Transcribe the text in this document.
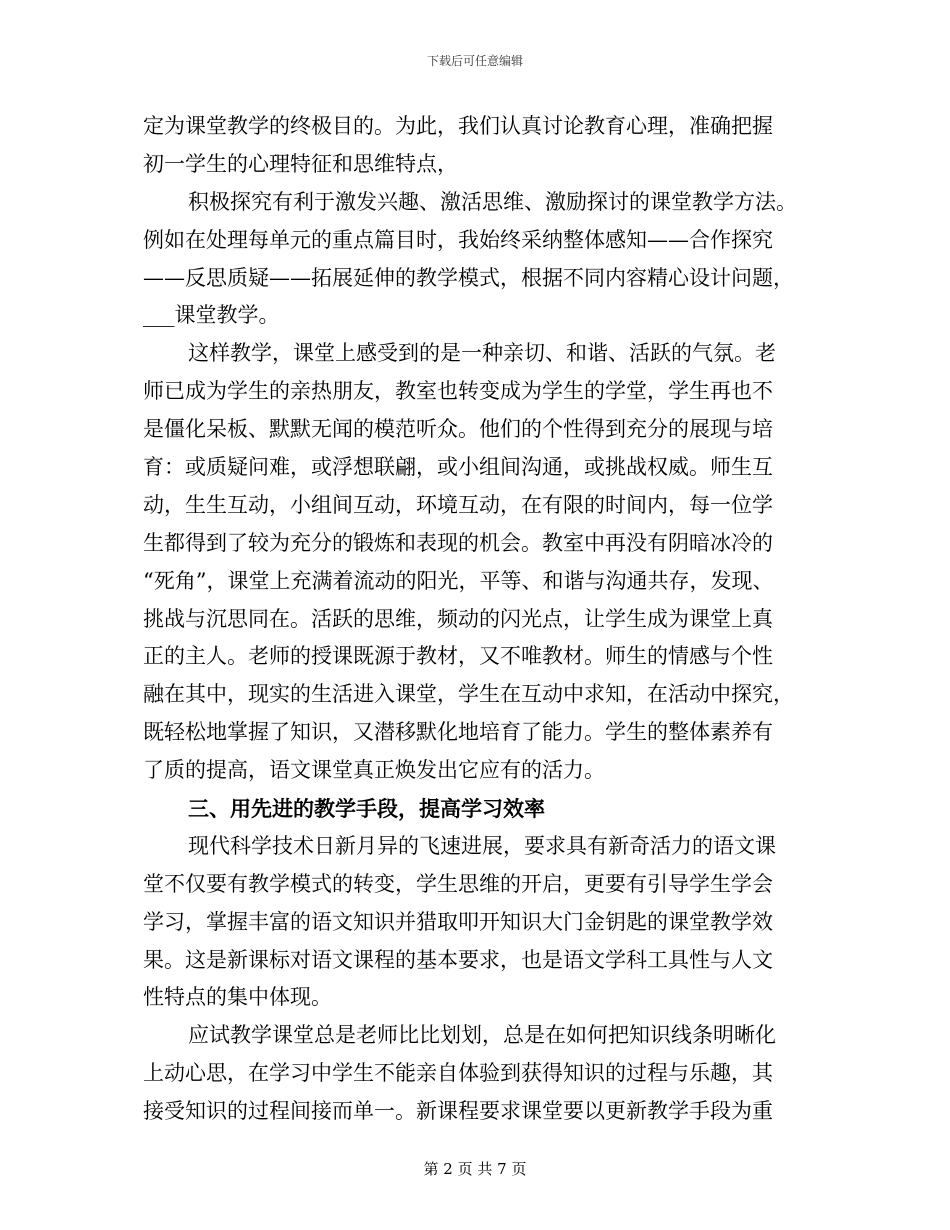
下载后可任意编辑
定为课堂教学的终极目的。为此，我们认真讨论教育心理，准确把握
初一学生的心理特征和思维特点，
积极探究有利于激发兴趣、激活思维、激励探讨的课堂教学方法。
例如在处理每单元的重点篇目时，我始终采纳整体感知——合作探究
——反思质疑——拓展延伸的教学模式，根据不同内容精心设计问题，
___课堂教学。
这样教学，课堂上感受到的是一种亲切、和谐、活跃的气氛。老
师已成为学生的亲热朋友，教室也转变成为学生的学堂，学生再也不
是僵化呆板、默默无闻的模范听众。他们的个性得到充分的展现与培
育：或质疑问难，或浮想联翩，或小组间沟通，或挑战权威。师生互
动，生生互动，小组间互动，环境互动，在有限的时间内，每一位学
生都得到了较为充分的锻炼和表现的机会。教室中再没有阴暗冰冷的
“死角”，课堂上充满着流动的阳光，平等、和谐与沟通共存，发现、
挑战与沉思同在。活跃的思维，频动的闪光点，让学生成为课堂上真
正的主人。老师的授课既源于教材，又不唯教材。师生的情感与个性
融在其中，现实的生活进入课堂，学生在互动中求知，在活动中探究，
既轻松地掌握了知识，又潜移默化地培育了能力。学生的整体素养有
了质的提高，语文课堂真正焕发出它应有的活力。
三、用先进的教学手段，提高学习效率
现代科学技术日新月异的飞速进展，要求具有新奇活力的语文课
堂不仅要有教学模式的转变，学生思维的开启，更要有引导学生学会
学习，掌握丰富的语文知识并猎取叩开知识大门金钥匙的课堂教学效
果。这是新课标对语文课程的基本要求，也是语文学科工具性与人文
性特点的集中体现。
应试教学课堂总是老师比比划划，总是在如何把知识线条明晰化
上动心思，在学习中学生不能亲自体验到获得知识的过程与乐趣，其
接受知识的过程间接而单一。新课程要求课堂要以更新教学手段为重
第 2 页 共 7 页
